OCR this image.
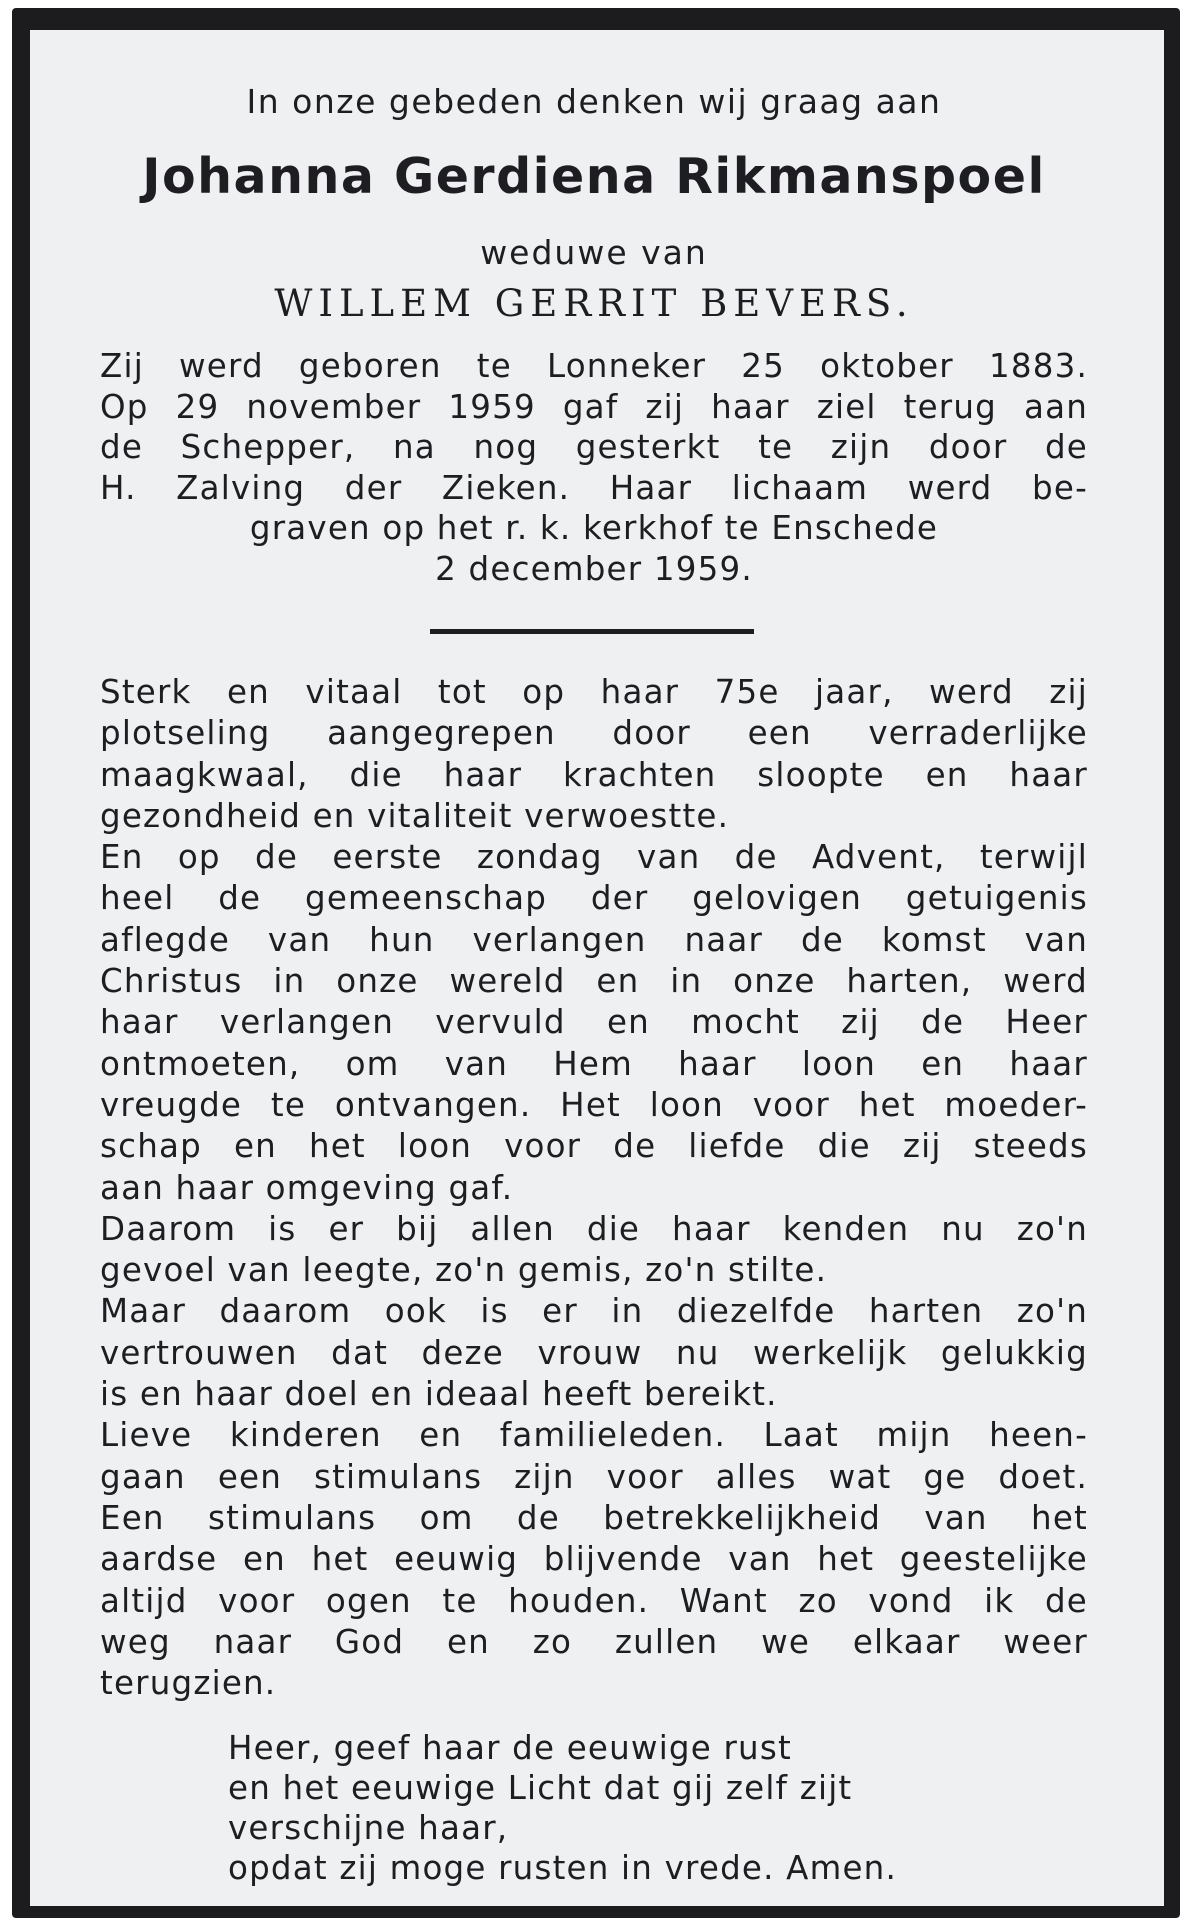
In onze gebeden denken wij graag aan
Johanna Gerdiena Rikmanspoel
weduwe van
WILLEM GERRIT BEVERS.
Zij werd geboren te Lonneker 25 oktober 1883.
Op 29 november 1959 gaf zij haar ziel terug aan
de Schepper, na nog gesterkt te zijn door de
H. Zalving der Zieken. Haar lichaam werd be-
graven op het r. k. kerkhof te Enschede
2 december 1959.
Sterk en vitaal tot op haar 75e jaar, werd zij
plotseling aangegrepen door een verraderlijke
maagkwaal, die haar krachten sloopte en haar
gezondheid en vitaliteit verwoestte.
En op de eerste zondag van de Advent, terwijl
heel de gemeenschap der gelovigen getuigenis
aflegde van hun verlangen naar de komst van
Christus in onze wereld en in onze harten, werd
haar verlangen vervuld en mocht zij de Heer
ontmoeten, om van Hem haar loon en haar
vreugde te ontvangen. Het loon voor het moeder-
schap en het loon voor de liefde die zij steeds
aan haar omgeving gaf.
Daarom is er bij allen die haar kenden nu zo'n
gevoel van leegte, zo'n gemis, zo'n stilte.
Maar daarom ook is er in diezelfde harten zo'n
vertrouwen dat deze vrouw nu werkelijk gelukkig
is en haar doel en ideaal heeft bereikt.
Lieve kinderen en familieleden. Laat mijn heen-
gaan een stimulans zijn voor alles wat ge doet.
Een stimulans om de betrekkelijkheid van het
aardse en het eeuwig blijvende van het geestelijke
altijd voor ogen te houden. Want zo vond ik de
weg naar God en zo zullen we elkaar weer
terugzien.
Heer, geef haar de eeuwige rust
en het eeuwige Licht dat gij zelf zijt
verschijne haar,
opdat zij moge rusten in vrede. Amen.
